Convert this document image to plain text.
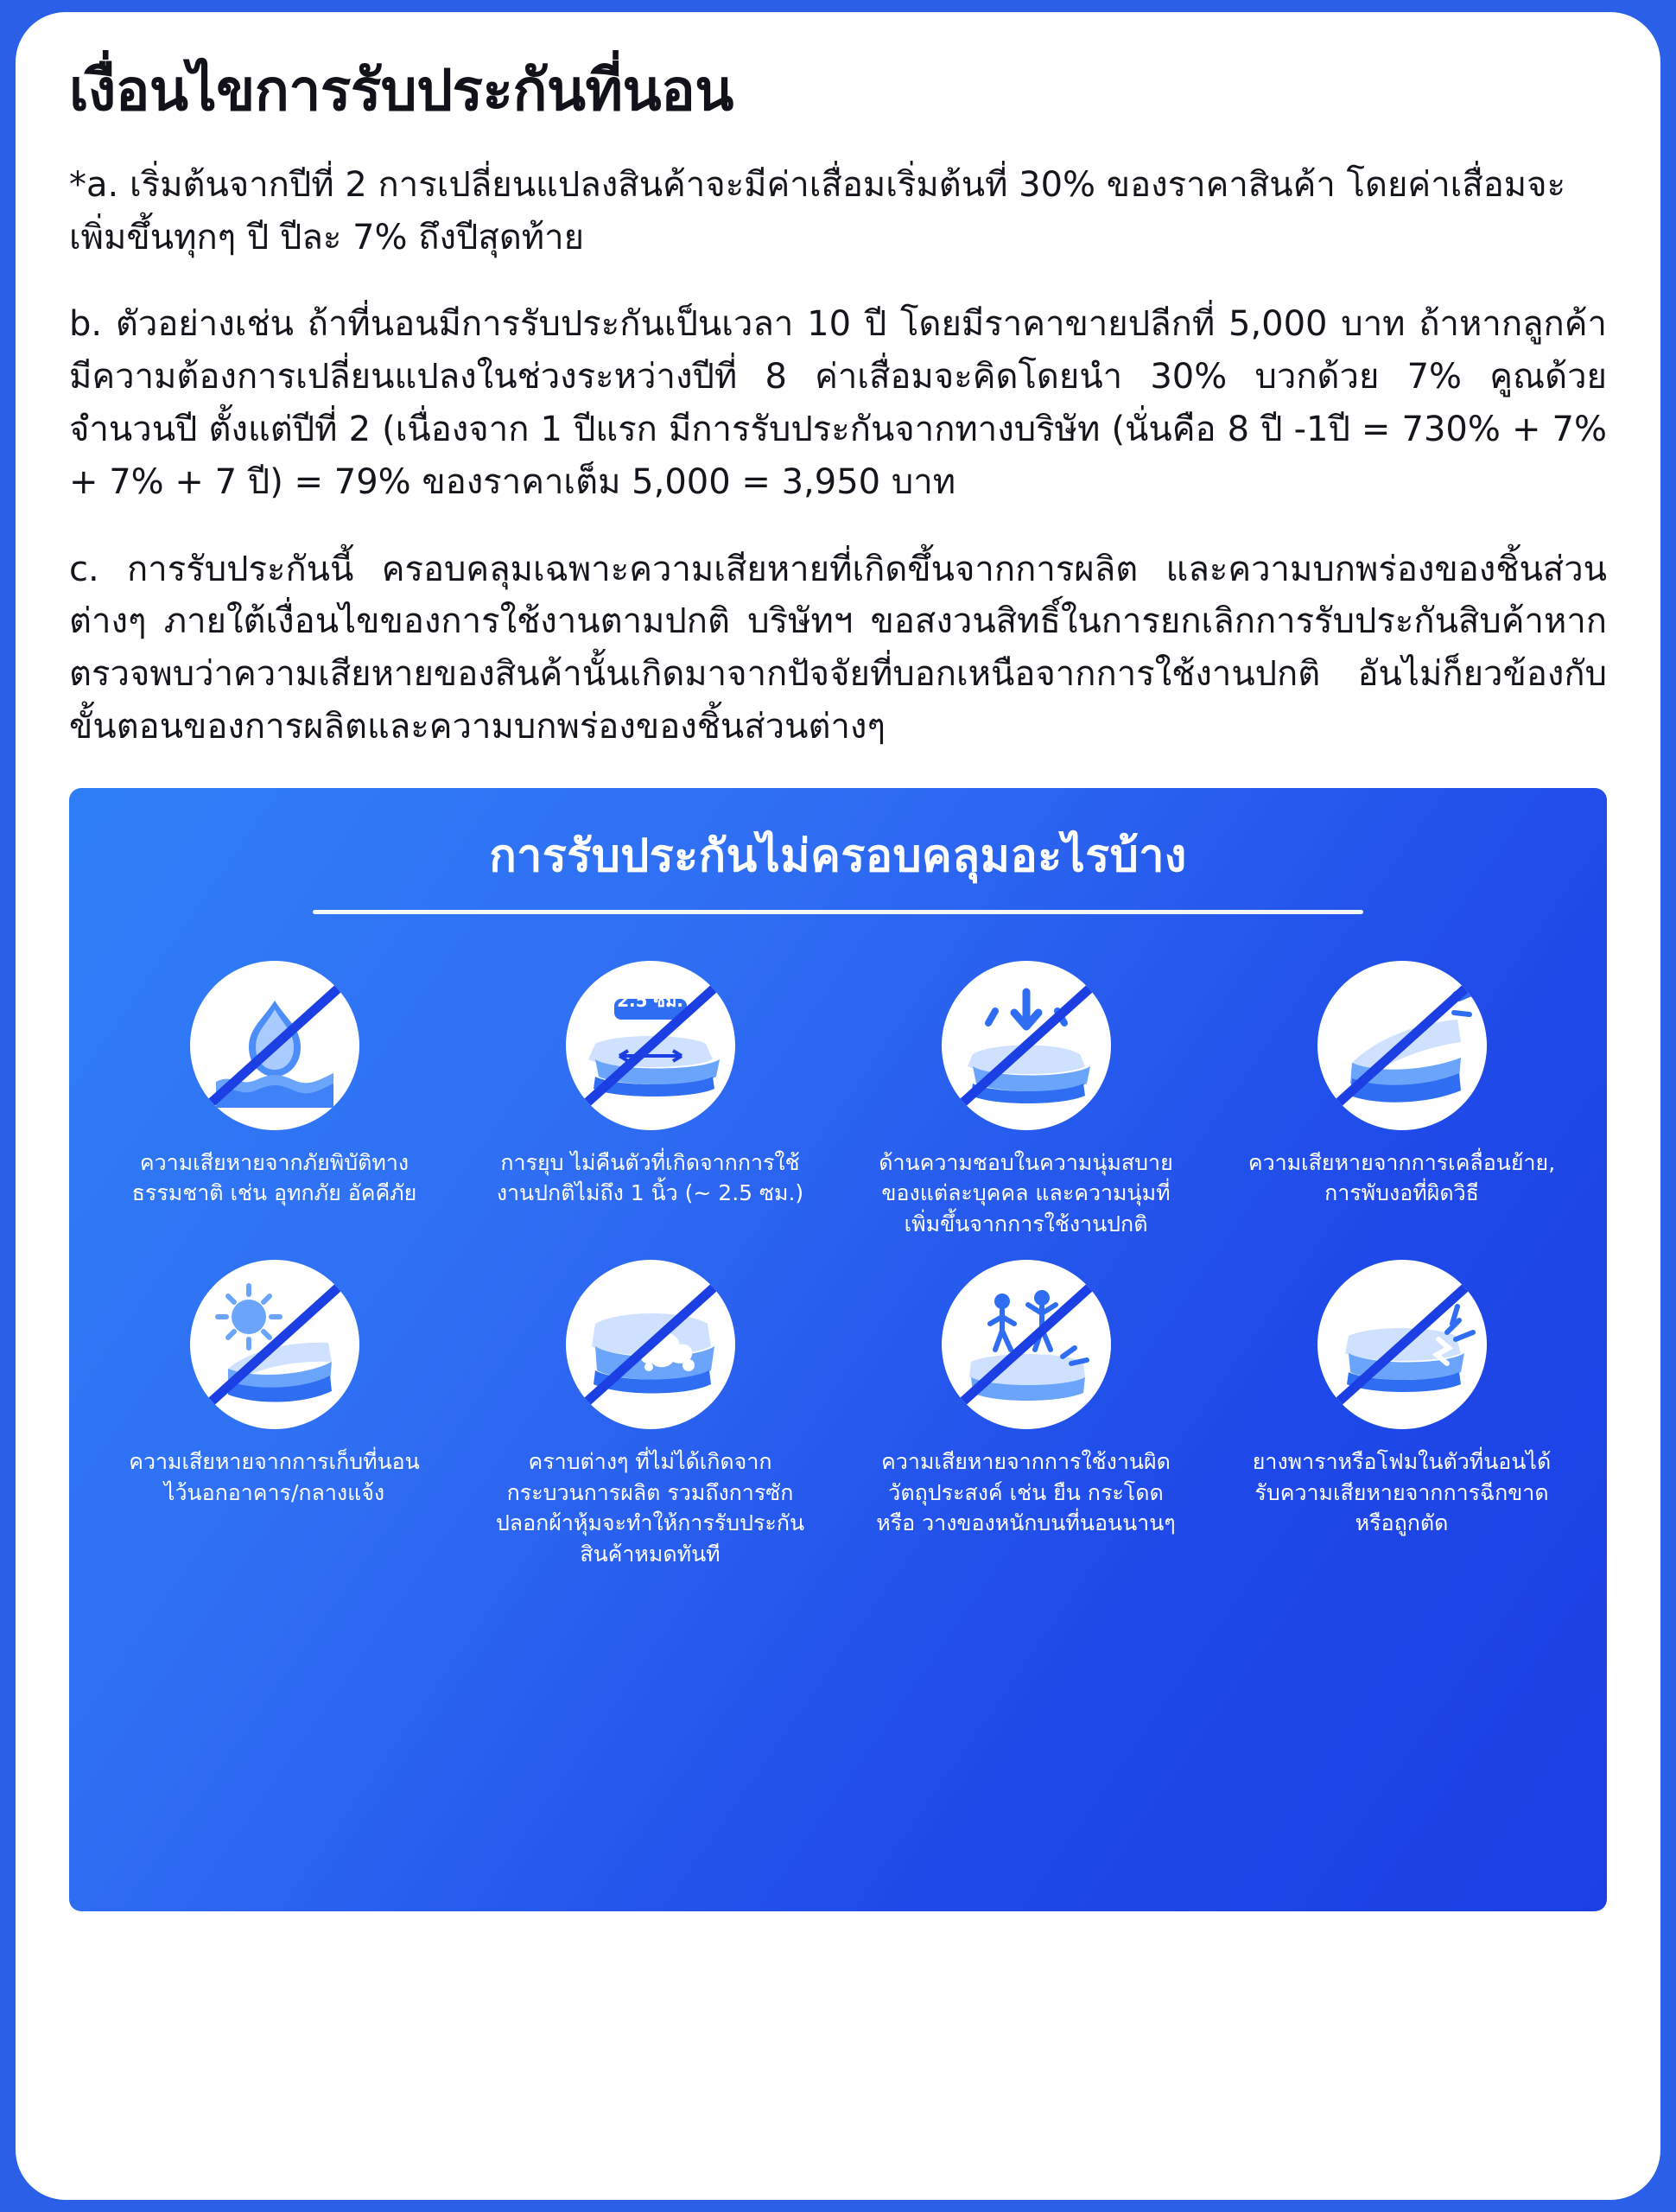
เงื่อนไขการรับประกันที่นอน

*a. เริ่มต้นจากปีที่ 2 การเปลี่ยนแปลงสินค้าจะมีค่าเสื่อมเริ่มต้นที่ 30% ของราคาสินค้า โดยค่าเสื่อมจะเพิ่มขึ้นทุกๆ ปี ปีละ 7% ถึงปีสุดท้าย

b. ตัวอย่างเช่น ถ้าที่นอนมีการรับประกันเป็นเวลา 10 ปี โดยมีราคาขายปลีกที่ 5,000 บาท ถ้าหากลูกค้ามีความต้องการเปลี่ยนแปลงในช่วงระหว่างปีที่ 8 ค่าเสื่อมจะคิดโดยนำ 30% บวกด้วย 7% คูณด้วยจำนวนปี ตั้งแต่ปีที่ 2 (เนื่องจาก 1 ปีแรก มีการรับประกันจากทางบริษัท (นั่นคือ 8 ปี -1ปี = 730% + 7% + 7% + 7 ปี) = 79% ของราคาเต็ม 5,000 = 3,950 บาท

c. การรับประกันนี้ ครอบคลุมเฉพาะความเสียหายที่เกิดขึ้นจากการผลิต และความบกพร่องของชิ้นส่วนต่างๆ ภายใต้เงื่อนไขของการใช้งานตามปกติ บริษัทฯ ขอสงวนสิทธิ์ในการยกเลิกการรับประกันสิบค้าหากตรวจพบว่าความเสียหายของสินค้านั้นเกิดมาจากปัจจัยที่บอกเหนือจากการใช้งานปกติ อันไม่ก็ยวข้องกับขั้นตอนของการผลิตและความบกพร่องของชิ้นส่วนต่างๆ

การรับประกันไม่ครอบคลุมอะไรบ้าง
ความเสียหายจากภัยพิบัติทางธรรมชาติ เช่น อุทกภัย อัคคีภัย
2.5 ซม.
การยุบ ไม่คืนตัวที่เกิดจากการใช้งานปกติไม่ถึง 1 นิ้ว (~ 2.5 ซม.)
ด้านความชอบในความนุ่มสบายของแต่ละบุคคล และความนุ่มที่เพิ่มขึ้นจากการใช้งานปกติ
ความเสียหายจากการเคลื่อนย้าย, การพับงอที่ผิดวิธี
ความเสียหายจากการเก็บที่นอนไว้นอกอาคาร/กลางแจ้ง
คราบต่างๆ ที่ไม่ได้เกิดจากกระบวนการผลิต รวมถึงการซักปลอกผ้าหุ้มจะทำให้การรับประกันสินค้าหมดทันที
ความเสียหายจากการใช้งานผิดวัตถุประสงค์ เช่น ยืน กระโดด หรือ วางของหนักบนที่นอนนานๆ
ยางพาราหรือโฟมในตัวที่นอนได้รับความเสียหายจากการฉีกขาด หรือถูกตัด
